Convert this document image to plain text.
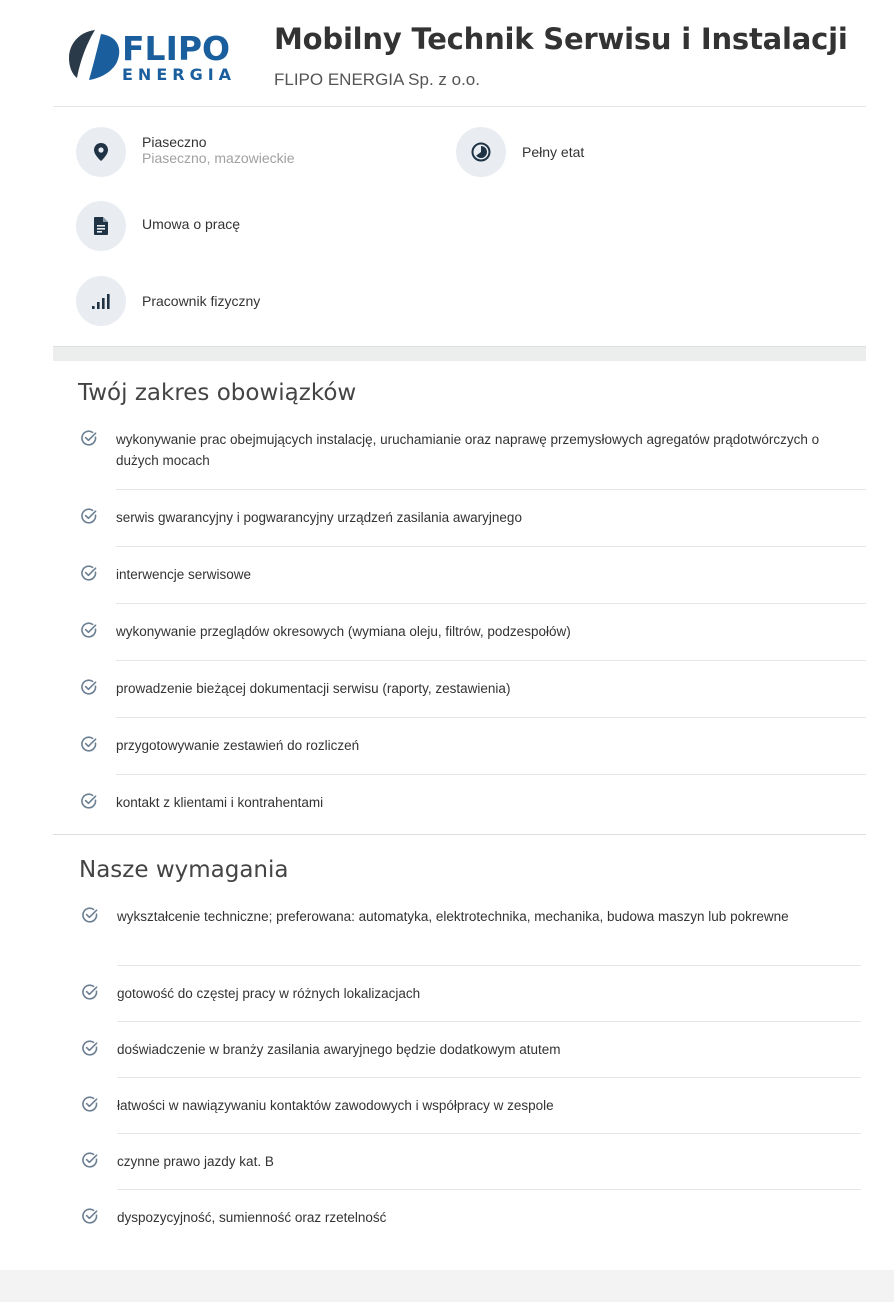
FLIPO
ENERGIA
Mobilny Technik Serwisu i Instalacji
FLIPO ENERGIA Sp. z o.o.
Piaseczno
Piaseczno, mazowieckie	Pełny etat
Umowa o pracę
Pracownik fizyczny
Twój zakres obowiązków
wykonywanie prac obejmujących instalację, uruchamianie oraz naprawę przemysłowych agregatów prądotwórczych o dużych mocach
serwis gwarancyjny i pogwarancyjny urządzeń zasilania awaryjnego
interwencje serwisowe
wykonywanie przeglądów okresowych (wymiana oleju, filtrów, podzespołów)
prowadzenie bieżącej dokumentacji serwisu (raporty, zestawienia)
przygotowywanie zestawień do rozliczeń
kontakt z klientami i kontrahentami
Nasze wymagania
wykształcenie techniczne; preferowana: automatyka, elektrotechnika, mechanika, budowa maszyn lub pokrewne
gotowość do częstej pracy w różnych lokalizacjach
doświadczenie w branży zasilania awaryjnego będzie dodatkowym atutem
łatwości w nawiązywaniu kontaktów zawodowych i współpracy w zespole
czynne prawo jazdy kat. B
dyspozycyjność, sumienność oraz rzetelność
